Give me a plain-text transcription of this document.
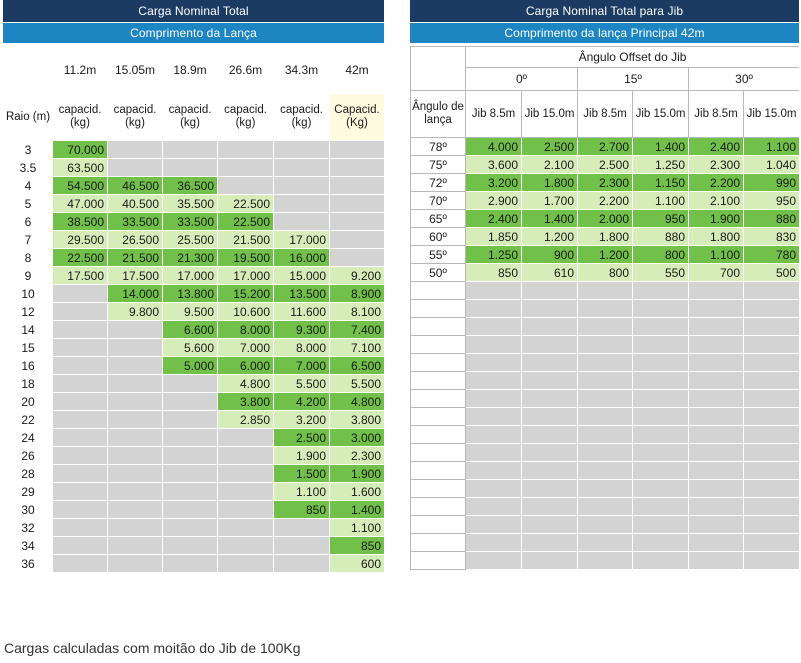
Carga Nominal Total
Comprimento da Lança
	11.2m	15.05m	18.9m	26.6m	34.3m	42m
Raio (m)	capacid. (kg)	capacid. (kg)	capacid. (kg)	capacid. (kg)	capacid. (kg)	Capacid. (Kg)
3	70.000					
3.5	63.500					
4	54.500	46.500	36.500			
5	47.000	40.500	35.500	22.500		
6	38.500	33.500	33.500	22.500		
7	29.500	26.500	25.500	21.500	17.000	
8	22.500	21.500	21.300	19.500	16.000	
9	17.500	17.500	17.000	17.000	15.000	9.200
10		14.000	13.800	15.200	13.500	8.900
12		9.800	9.500	10.600	11.600	8.100
14			6.600	8.000	9.300	7.400
15			5.600	7.000	8.000	7.100
16			5.000	6.000	7.000	6.500
18				4.800	5.500	5.500
20				3.800	4.200	4.800
22				2.850	3.200	3.800
24					2.500	3.000
26					1.900	2.300
28					1.500	1.900
29					1.100	1.600
30					850	1.400
32						1.100
34						850
36						600
Carga Nominal Total para Jib
Comprimento da lança Principal 42m
	Ângulo Offset do Jib					
	0º		15º		30º	
Ângulo de lança	Jib 8.5m	Jib 15.0m	Jib 8.5m	Jib 15.0m	Jib 8.5m	Jib 15.0m
78º	4.000	2.500	2.700	1.400	2.400	1.100
75º	3.600	2.100	2.500	1.250	2.300	1.040
72º	3.200	1.800	2.300	1.150	2.200	990
70º	2.900	1.700	2.200	1.100	2.100	950
65º	2.400	1.400	2.000	950	1.900	880
60º	1.850	1.200	1.800	880	1.800	830
55º	1.250	900	1.200	800	1.100	780
50º	850	610	800	550	700	500

Cargas calculadas com moitão do Jib de 100Kg
